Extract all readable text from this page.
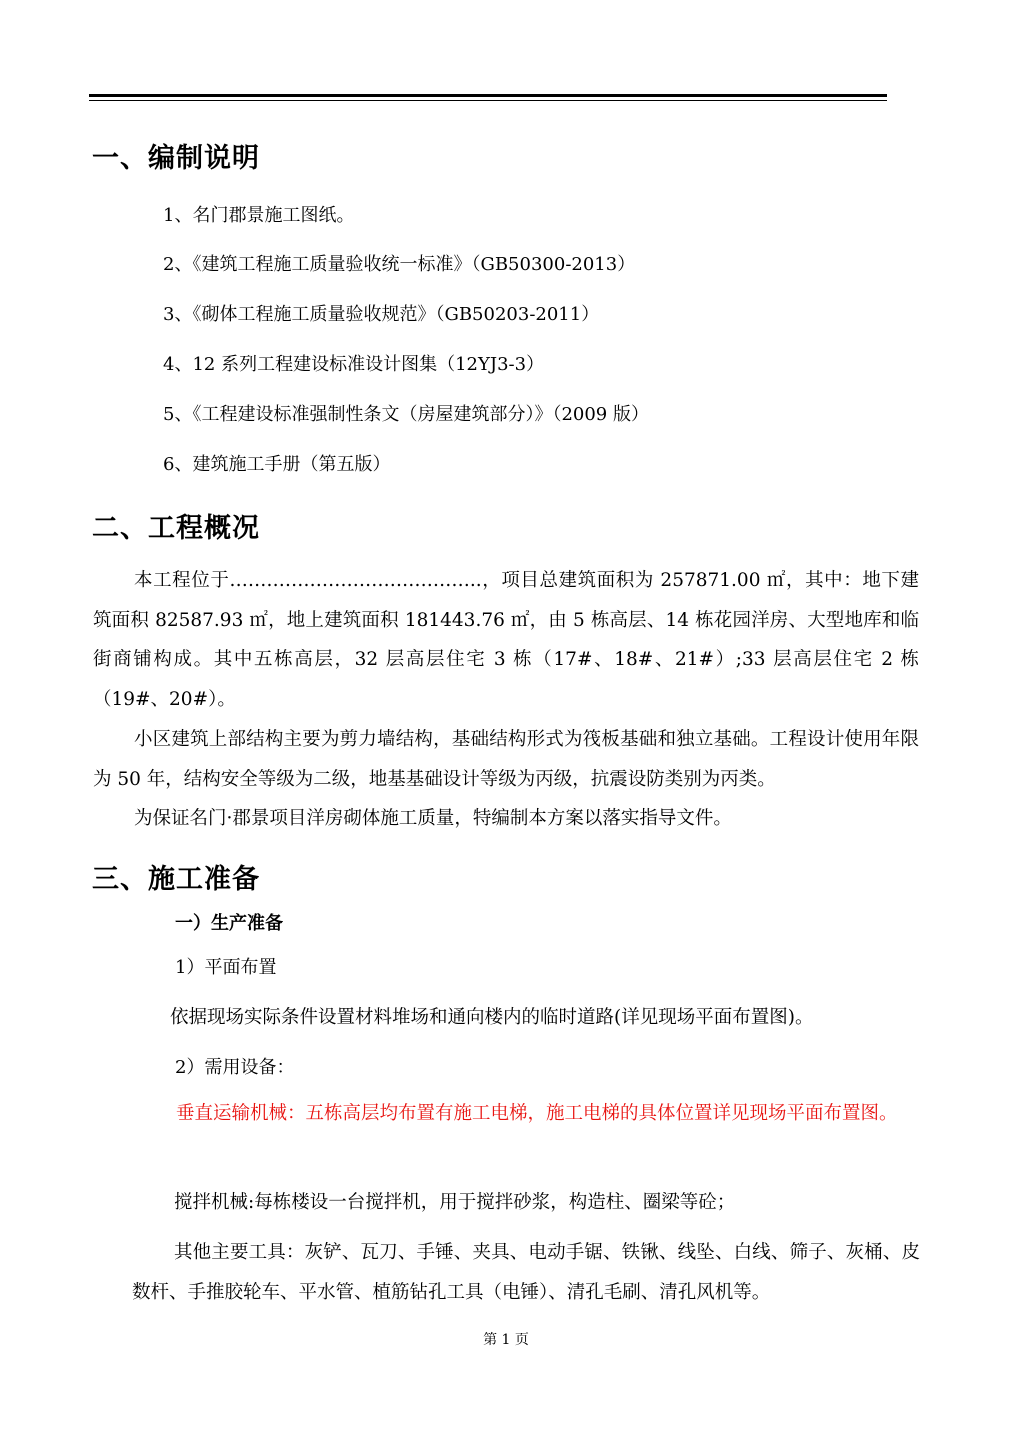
一、编制说明
1、名门郡景施工图纸。
2、《建筑工程施工质量验收统一标准》（GB50300-2013）
3、《砌体工程施工质量验收规范》（GB50203-2011）
4、12 系列工程建设标准设计图集（12YJ3-3）
5、《工程建设标准强制性条文（房屋建筑部分）》（2009 版）
6、建筑施工手册（第五版）
二、工程概况
本工程位于…………………………………..，项目总建筑面积为 257871.00 ㎡，其中：地下建筑面积 82587.93 ㎡，地上建筑面积 181443.76 ㎡，由 5 栋高层、14 栋花园洋房、大型地库和临街商铺构成。其中五栋高层，32 层高层住宅 3 栋（17#、18#、21#）;33 层高层住宅 2 栋（19#、20#）。
小区建筑上部结构主要为剪力墙结构，基础结构形式为筏板基础和独立基础。工程设计使用年限为 50 年，结构安全等级为二级，地基基础设计等级为丙级，抗震设防类别为丙类。
为保证名门·郡景项目洋房砌体施工质量，特编制本方案以落实指导文件。
三、施工准备
一）生产准备
1）平面布置
依据现场实际条件设置材料堆场和通向楼内的临时道路(详见现场平面布置图)。
2）需用设备：
垂直运输机械：五栋高层均布置有施工电梯，施工电梯的具体位置详见现场平面布置图。
搅拌机械:每栋楼设一台搅拌机，用于搅拌砂浆，构造柱、圈梁等砼；
其他主要工具：灰铲、瓦刀、手锤、夹具、电动手锯、铁锹、线坠、白线、筛子、灰桶、皮数杆、手推胶轮车、平水管、植筋钻孔工具（电锤）、清孔毛刷、清孔风机等。
第 1 页
